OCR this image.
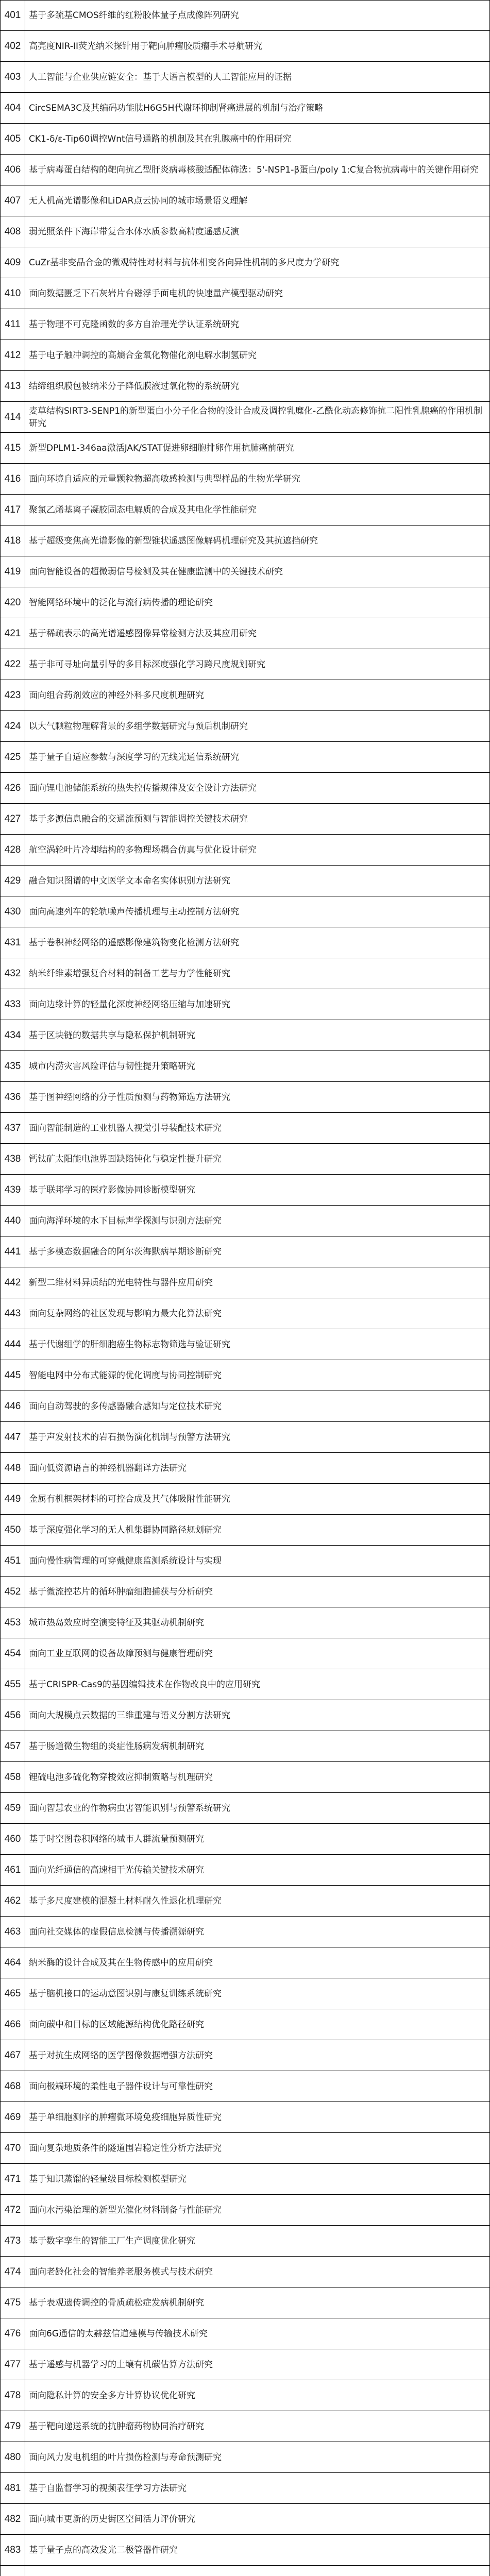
401 基于多巯基CMOS纤维的红粉胶体量子点成像阵列研究
402 高亮度NIR-II荧光纳米探针用于靶向肿瘤胶质瘤手术导航研究
403 人工智能与企业供应链安全：基于大语言模型的人工智能应用的证据
404 CircSEMA3C及其编码功能肽H6G5H代谢环抑制肾癌进展的机制与治疗策略
405 CK1-δ/ε-Tip60调控Wnt信号通路的机制及其在乳腺癌中的作用研究
406 基于病毒蛋白结构的靶向抗乙型肝炎病毒核酸适配体筛选：5'-NSP1-β蛋白/poly 1:C复合物抗病毒中的关键作用研究
407 无人机高光谱影像和LiDAR点云协同的城市场景语义理解
408 弱光照条件下海岸带复合水体水质参数高精度遥感反演
409 CuZr基非变晶合金的微观特性对材料与抗体相变各向异性机制的多尺度力学研究
410 面向数据匮乏下石灰岩片台磁浮手面电机的快速量产模型驱动研究
411 基于物理不可克隆函数的多方自治理光学认证系统研究
412 基于电子触冲调控的高熵合金氧化物催化剂电解水制氢研究
413 结缔组织膜包被纳米分子降低膜液过氧化物的系统研究
414
麦草结构SIRT3-SENP1的新型蛋白小分子化合物的设计合成及调控乳糜化-乙酰化动态修饰抗二阳性乳腺癌的作用机制研究
415 新型DPLM1-346aa激活JAK/STAT促进卵细胞排卵作用抗肺癌前研究
416 面向环境自适应的元量颗粒物超高敏感检测与典型样品的生物光学研究
417 聚氯乙烯基离子凝胶固态电解质的合成及其电化学性能研究
418 基于超级变焦高光谱影像的新型锥状遥感图像解码机理研究及其抗遮挡研究
419 面向智能设备的超微弱信号检测及其在健康监测中的关键技术研究
420 智能网络环境中的泛化与流行病传播的理论研究
421 基于稀疏表示的高光谱遥感图像异常检测方法及其应用研究
422 基于非可寻址向量引导的多目标深度强化学习跨尺度规划研究
423 面向组合药剂效应的神经外科多尺度机理研究
424 以大气颗粒物理解背景的多组学数据研究与预后机制研究
425 基于量子自适应参数与深度学习的无线光通信系统研究
426 面向锂电池储能系统的热失控传播规律及安全设计方法研究
427 基于多源信息融合的交通流预测与智能调控关键技术研究
428 航空涡轮叶片冷却结构的多物理场耦合仿真与优化设计研究
429 融合知识图谱的中文医学文本命名实体识别方法研究
430 面向高速列车的轮轨噪声传播机理与主动控制方法研究
431 基于卷积神经网络的遥感影像建筑物变化检测方法研究
432 纳米纤维素增强复合材料的制备工艺与力学性能研究
433 面向边缘计算的轻量化深度神经网络压缩与加速研究
434 基于区块链的数据共享与隐私保护机制研究
435 城市内涝灾害风险评估与韧性提升策略研究
436 基于图神经网络的分子性质预测与药物筛选方法研究
437 面向智能制造的工业机器人视觉引导装配技术研究
438 钙钛矿太阳能电池界面缺陷钝化与稳定性提升研究
439 基于联邦学习的医疗影像协同诊断模型研究
440 面向海洋环境的水下目标声学探测与识别方法研究
441 基于多模态数据融合的阿尔茨海默病早期诊断研究
442 新型二维材料异质结的光电特性与器件应用研究
443 面向复杂网络的社区发现与影响力最大化算法研究
444 基于代谢组学的肝细胞癌生物标志物筛选与验证研究
445 智能电网中分布式能源的优化调度与协同控制研究
446 面向自动驾驶的多传感器融合感知与定位技术研究
447 基于声发射技术的岩石损伤演化机制与预警方法研究
448 面向低资源语言的神经机器翻译方法研究
449 金属有机框架材料的可控合成及其气体吸附性能研究
450 基于深度强化学习的无人机集群协同路径规划研究
451 面向慢性病管理的可穿戴健康监测系统设计与实现
452 基于微流控芯片的循环肿瘤细胞捕获与分析研究
453 城市热岛效应时空演变特征及其驱动机制研究
454 面向工业互联网的设备故障预测与健康管理研究
455 基于CRISPR-Cas9的基因编辑技术在作物改良中的应用研究
456 面向大规模点云数据的三维重建与语义分割方法研究
457 基于肠道微生物组的炎症性肠病发病机制研究
458 锂硫电池多硫化物穿梭效应抑制策略与机理研究
459 面向智慧农业的作物病虫害智能识别与预警系统研究
460 基于时空图卷积网络的城市人群流量预测研究
461 面向光纤通信的高速相干光传输关键技术研究
462 基于多尺度建模的混凝土材料耐久性退化机理研究
463 面向社交媒体的虚假信息检测与传播溯源研究
464 纳米酶的设计合成及其在生物传感中的应用研究
465 基于脑机接口的运动意图识别与康复训练系统研究
466 面向碳中和目标的区域能源结构优化路径研究
467 基于对抗生成网络的医学图像数据增强方法研究
468 面向极端环境的柔性电子器件设计与可靠性研究
469 基于单细胞测序的肿瘤微环境免疫细胞异质性研究
470 面向复杂地质条件的隧道围岩稳定性分析方法研究
471 基于知识蒸馏的轻量级目标检测模型研究
472 面向水污染治理的新型光催化材料制备与性能研究
473 基于数字孪生的智能工厂生产调度优化研究
474 面向老龄化社会的智能养老服务模式与技术研究
475 基于表观遗传调控的骨质疏松症发病机制研究
476 面向6G通信的太赫兹信道建模与传输技术研究
477 基于遥感与机器学习的土壤有机碳估算方法研究
478 面向隐私计算的安全多方计算协议优化研究
479 基于靶向递送系统的抗肿瘤药物协同治疗研究
480 面向风力发电机组的叶片损伤检测与寿命预测研究
481 基于自监督学习的视频表征学习方法研究
482 面向城市更新的历史街区空间活力评价研究
483 基于量子点的高效发光二极管器件研究
